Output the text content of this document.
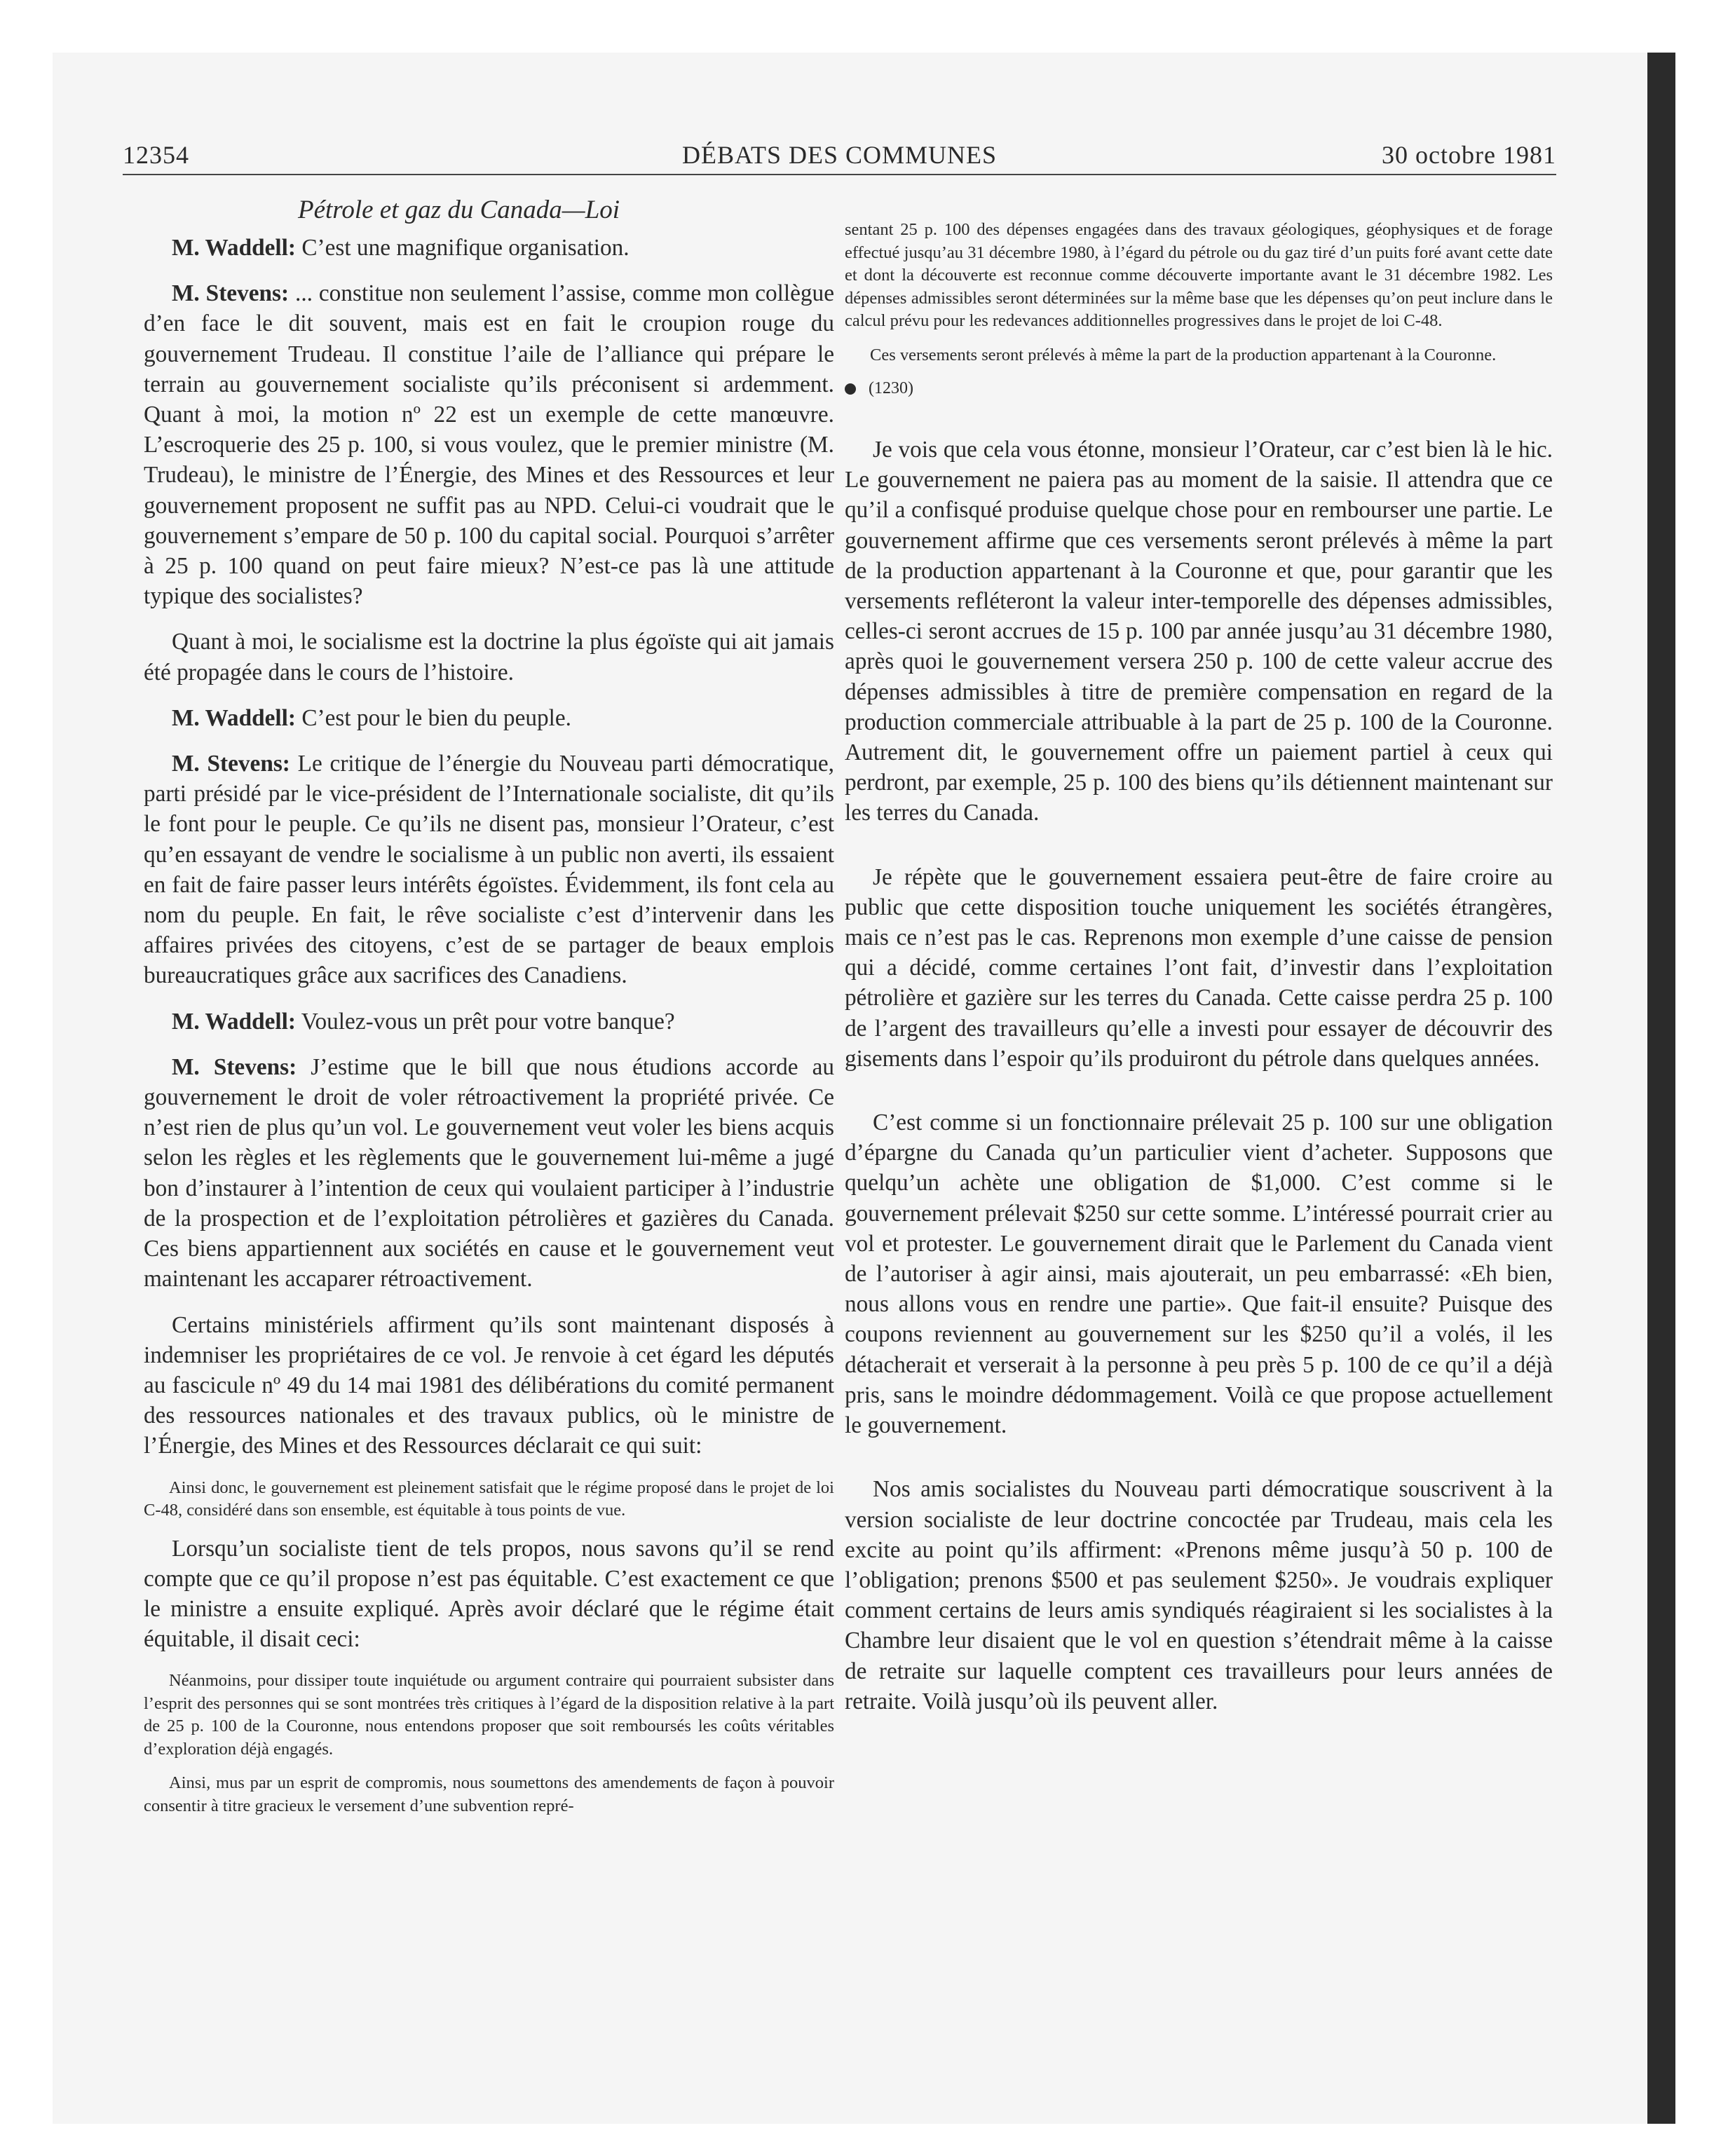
12354	DÉBATS DES COMMUNES	30 octobre 1981
Pétrole et gaz du Canada—Loi

M. Waddell: C’est une magnifique organisation.

M. Stevens: ... constitue non seulement l’assise, comme mon collègue d’en face le dit souvent, mais est en fait le croupion rouge du gouvernement Trudeau. Il constitue l’aile de l’alliance qui prépare le terrain au gouvernement socialiste qu’ils préconisent si ardemment. Quant à moi, la motion nº 22 est un exemple de cette manœuvre. L’escroquerie des 25 p. 100, si vous voulez, que le premier ministre (M. Trudeau), le ministre de l’Énergie, des Mines et des Ressources et leur gouvernement proposent ne suffit pas au NPD. Celui-ci voudrait que le gouvernement s’empare de 50 p. 100 du capital social. Pourquoi s’arrêter à 25 p. 100 quand on peut faire mieux? N’est-ce pas là une attitude typique des socialistes?

Quant à moi, le socialisme est la doctrine la plus égoïste qui ait jamais été propagée dans le cours de l’histoire.

M. Waddell: C’est pour le bien du peuple.

M. Stevens: Le critique de l’énergie du Nouveau parti démocratique, parti présidé par le vice-président de l’Internationale socialiste, dit qu’ils le font pour le peuple. Ce qu’ils ne disent pas, monsieur l’Orateur, c’est qu’en essayant de vendre le socialisme à un public non averti, ils essaient en fait de faire passer leurs intérêts égoïstes. Évidemment, ils font cela au nom du peuple. En fait, le rêve socialiste c’est d’intervenir dans les affaires privées des citoyens, c’est de se partager de beaux emplois bureaucratiques grâce aux sacrifices des Canadiens.

M. Waddell: Voulez-vous un prêt pour votre banque?

M. Stevens: J’estime que le bill que nous étudions accorde au gouvernement le droit de voler rétroactivement la propriété privée. Ce n’est rien de plus qu’un vol. Le gouvernement veut voler les biens acquis selon les règles et les règlements que le gouvernement lui-même a jugé bon d’instaurer à l’intention de ceux qui voulaient participer à l’industrie de la prospection et de l’exploitation pétrolières et gazières du Canada. Ces biens appartiennent aux sociétés en cause et le gouvernement veut maintenant les accaparer rétroactivement.

Certains ministériels affirment qu’ils sont maintenant disposés à indemniser les propriétaires de ce vol. Je renvoie à cet égard les députés au fascicule nº 49 du 14 mai 1981 des délibérations du comité permanent des ressources nationales et des travaux publics, où le ministre de l’Énergie, des Mines et des Ressources déclarait ce qui suit:

Ainsi donc, le gouvernement est pleinement satisfait que le régime proposé dans le projet de loi C-48, considéré dans son ensemble, est équitable à tous points de vue.

Lorsqu’un socialiste tient de tels propos, nous savons qu’il se rend compte que ce qu’il propose n’est pas équitable. C’est exactement ce que le ministre a ensuite expliqué. Après avoir déclaré que le régime était équitable, il disait ceci:

Néanmoins, pour dissiper toute inquiétude ou argument contraire qui pourraient subsister dans l’esprit des personnes qui se sont montrées très critiques à l’égard de la disposition relative à la part de 25 p. 100 de la Couronne, nous entendons proposer que soit remboursés les coûts véritables d’exploration déjà engagés.

Ainsi, mus par un esprit de compromis, nous soumettons des amendements de façon à pouvoir consentir à titre gracieux le versement d’une subvention repré-

sentant 25 p. 100 des dépenses engagées dans des travaux géologiques, géophysiques et de forage effectué jusqu’au 31 décembre 1980, à l’égard du pétrole ou du gaz tiré d’un puits foré avant cette date et dont la découverte est reconnue comme découverte importante avant le 31 décembre 1982. Les dépenses admissibles seront déterminées sur la même base que les dépenses qu’on peut inclure dans le calcul prévu pour les redevances additionnelles progressives dans le projet de loi C-48.

Ces versements seront prélevés à même la part de la production appartenant à la Couronne.

(1230)

Je vois que cela vous étonne, monsieur l’Orateur, car c’est bien là le hic. Le gouvernement ne paiera pas au moment de la saisie. Il attendra que ce qu’il a confisqué produise quelque chose pour en rembourser une partie. Le gouvernement affirme que ces versements seront prélevés à même la part de la production appartenant à la Couronne et que, pour garantir que les versements refléteront la valeur inter-temporelle des dépenses admissibles, celles-ci seront accrues de 15 p. 100 par année jusqu’au 31 décembre 1980, après quoi le gouvernement versera 250 p. 100 de cette valeur accrue des dépenses admissibles à titre de première compensation en regard de la production commerciale attribuable à la part de 25 p. 100 de la Couronne. Autrement dit, le gouvernement offre un paiement partiel à ceux qui perdront, par exemple, 25 p. 100 des biens qu’ils détiennent maintenant sur les terres du Canada.

Je répète que le gouvernement essaiera peut-être de faire croire au public que cette disposition touche uniquement les sociétés étrangères, mais ce n’est pas le cas. Reprenons mon exemple d’une caisse de pension qui a décidé, comme certaines l’ont fait, d’investir dans l’exploitation pétrolière et gazière sur les terres du Canada. Cette caisse perdra 25 p. 100 de l’argent des travailleurs qu’elle a investi pour essayer de découvrir des gisements dans l’espoir qu’ils produiront du pétrole dans quelques années.

C’est comme si un fonctionnaire prélevait 25 p. 100 sur une obligation d’épargne du Canada qu’un particulier vient d’acheter. Supposons que quelqu’un achète une obligation de $1,000. C’est comme si le gouvernement prélevait $250 sur cette somme. L’intéressé pourrait crier au vol et protester. Le gouvernement dirait que le Parlement du Canada vient de l’autoriser à agir ainsi, mais ajouterait, un peu embarrassé: «Eh bien, nous allons vous en rendre une partie». Que fait-il ensuite? Puisque des coupons reviennent au gouvernement sur les $250 qu’il a volés, il les détacherait et verserait à la personne à peu près 5 p. 100 de ce qu’il a déjà pris, sans le moindre dédommagement. Voilà ce que propose actuellement le gouvernement.

Nos amis socialistes du Nouveau parti démocratique souscrivent à la version socialiste de leur doctrine concoctée par Trudeau, mais cela les excite au point qu’ils affirment: «Prenons même jusqu’à 50 p. 100 de l’obligation; prenons $500 et pas seulement $250». Je voudrais expliquer comment certains de leurs amis syndiqués réagiraient si les socialistes à la Chambre leur disaient que le vol en question s’étendrait même à la caisse de retraite sur laquelle comptent ces travailleurs pour leurs années de retraite. Voilà jusqu’où ils peuvent aller.
